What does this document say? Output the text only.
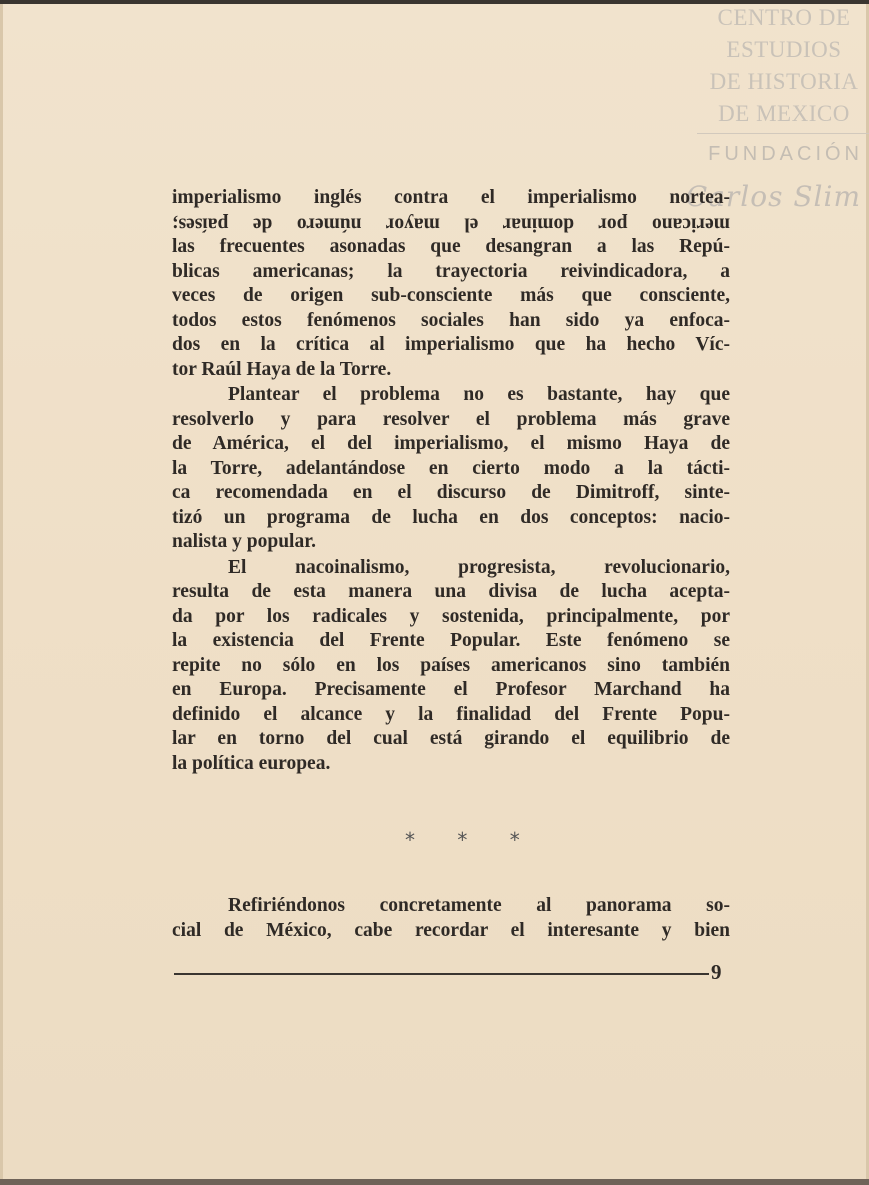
CENTRO DE
ESTUDIOS
DE HISTORIA
DE MEXICO
FUNDACIÓN
Carlos Slim

imperialismo inglés contra el imperialismo nortea-
mericano por dominar el mayor número de países;
las frecuentes asonadas que desangran a las Repú-
blicas americanas; la trayectoria reivindicadora, a
veces de origen sub-consciente más que consciente,
todos estos fenómenos sociales han sido ya enfoca-
dos en la crítica al imperialismo que ha hecho Víc-
tor Raúl Haya de la Torre.

Plantear el problema no es bastante, hay que
resolverlo y para resolver el problema más grave
de América, el del imperialismo, el mismo Haya de
la Torre, adelantándose en cierto modo a la tácti-
ca recomendada en el discurso de Dimitroff, sinte-
tizó un programa de lucha en dos conceptos: nacio-
nalista y popular.

El nacoinalismo, progresista, revolucionario,
resulta de esta manera una divisa de lucha acepta-
da por los radicales y sostenida, principalmente, por
la existencia del Frente Popular. Este fenómeno se
repite no sólo en los países americanos sino también
en Europa. Precisamente el Profesor Marchand ha
definido el alcance y la finalidad del Frente Popu-
lar en torno del cual está girando el equilibrio de
la política europea.

* * *
Refiriéndonos concretamente al panorama so-
cial de México, cabe recordar el interesante y bien
9
